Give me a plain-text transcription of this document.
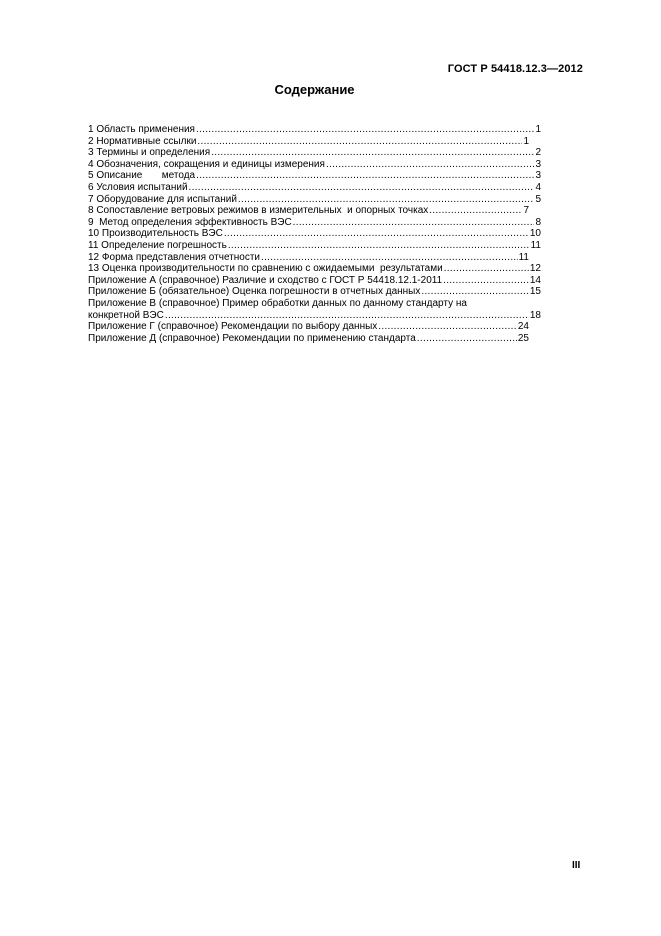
ГОСТ Р 54418.12.3—2012
Содержание
1 Область применения .....	1
2 Нормативные ссылки .....	1
3 Термины и определения .....	2
4 Обозначения, сокращения и единицы измерения .....	3
5 Описание       метода .....	3
6 Условия испытаний .....	4
7 Оборудование для испытаний .....	5
8 Сопоставление ветровых режимов в измерительных  и опорных точках .....	7
9  Метод определения эффективность ВЭС .....	8
10 Производительность ВЭС .....	10
11 Определение погрешность .....	11
12 Форма представления отчетности .....	11
13 Оценка производительности по сравнению с ожидаемыми  результатами .....	12
Приложение А (справочное) Различие и сходство с ГОСТ Р 54418.12.1-2011 .....	14
Приложение Б (обязательное) Оценка погрешности в отчетных данных .....	15
Приложение В (справочное) Пример обработки данных по данному стандарту на
конкретной ВЭС .....	18
Приложение Г (справочное) Рекомендации по выбору данных .....	24
Приложение Д (справочное) Рекомендации по применению стандарта .....	25
III
